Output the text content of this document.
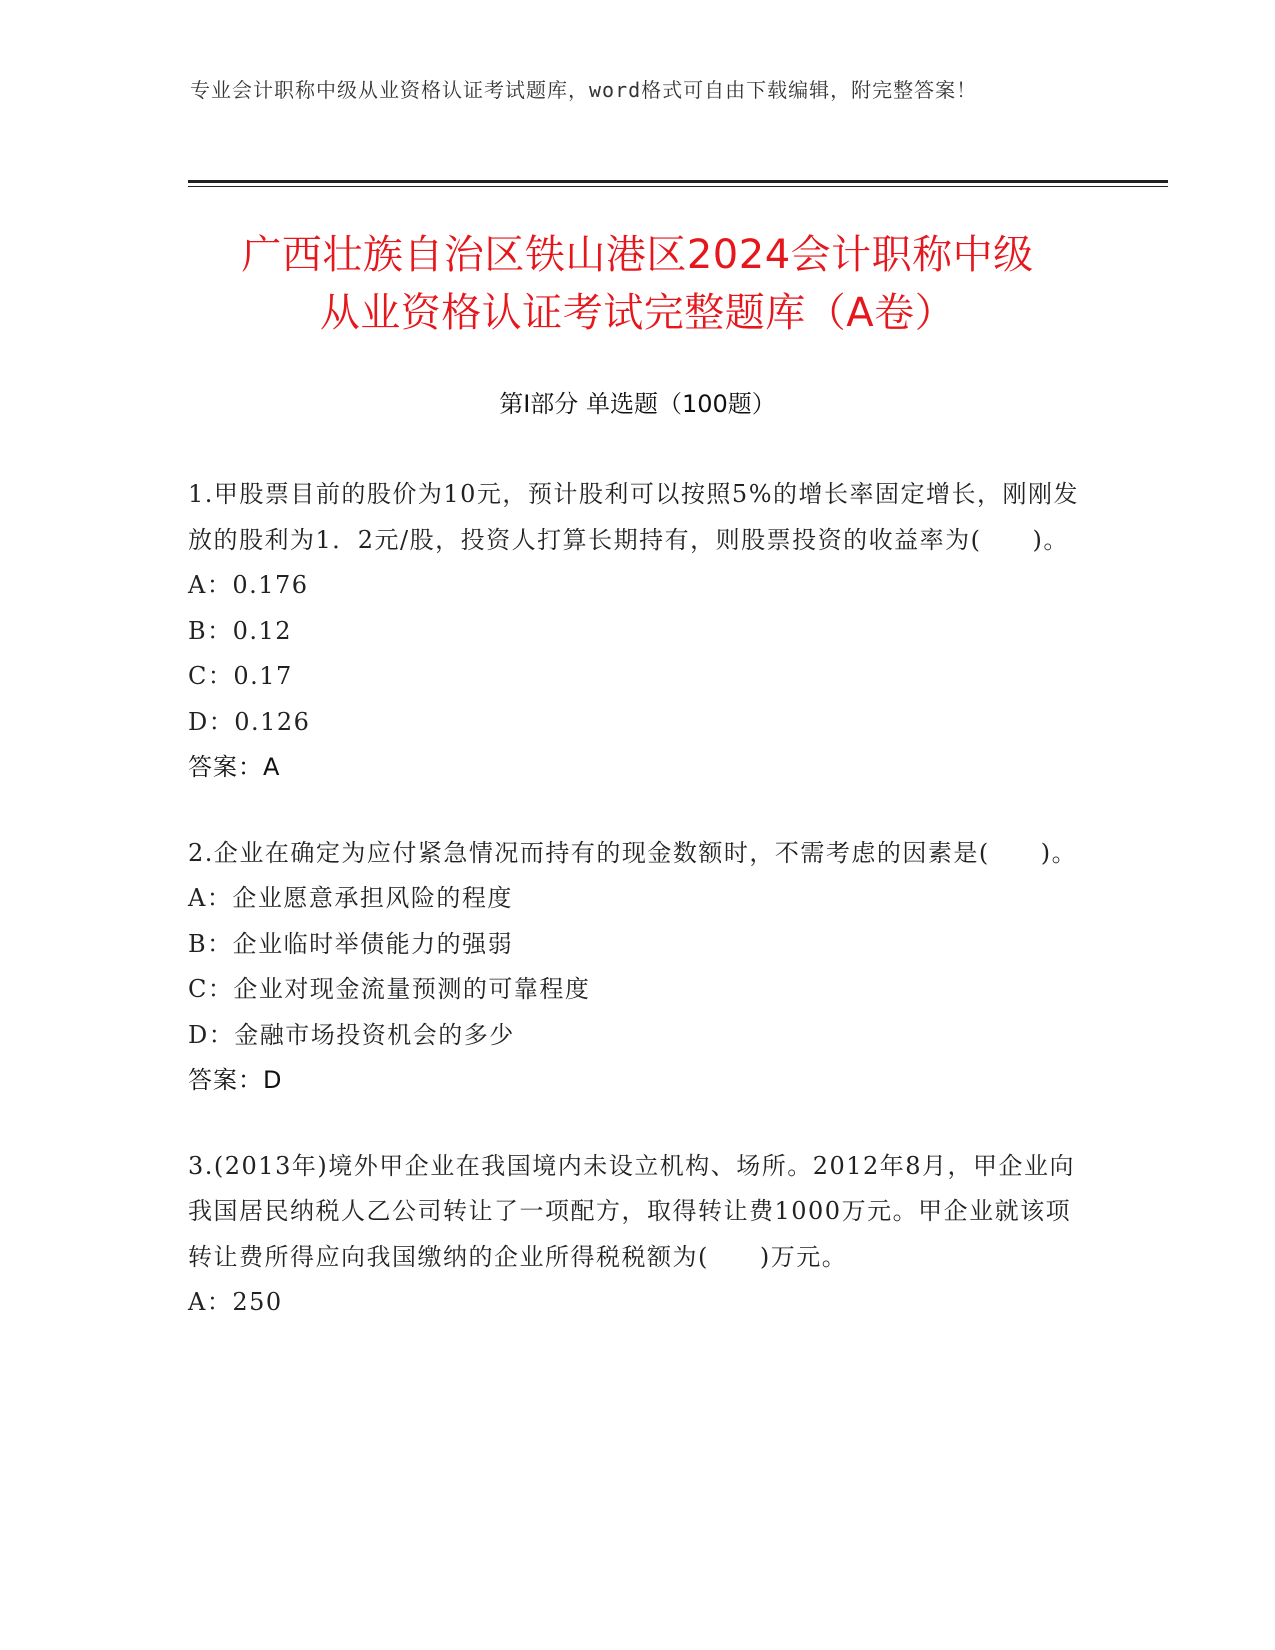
专业会计职称中级从业资格认证考试题库，word格式可自由下载编辑，附完整答案！
广西壮族自治区铁山港区2024会计职称中级
从业资格认证考试完整题库（A卷）
第Ⅰ部分 单选题（100题）
1.甲股票目前的股价为10元，预计股利可以按照5%的增长率固定增长，刚刚发放的股利为1．2元/股，投资人打算长期持有，则股票投资的收益率为(　　)。
A：0.176
B：0.12
C：0.17
D：0.126
答案：A
2.企业在确定为应付紧急情况而持有的现金数额时，不需考虑的因素是(　　)。
A：企业愿意承担风险的程度
B：企业临时举债能力的强弱
C：企业对现金流量预测的可靠程度
D：金融市场投资机会的多少
答案：D
3.(2013年)境外甲企业在我国境内未设立机构、场所。2012年8月，甲企业向我国居民纳税人乙公司转让了一项配方，取得转让费1000万元。甲企业就该项转让费所得应向我国缴纳的企业所得税税额为(　　)万元。
A：250
